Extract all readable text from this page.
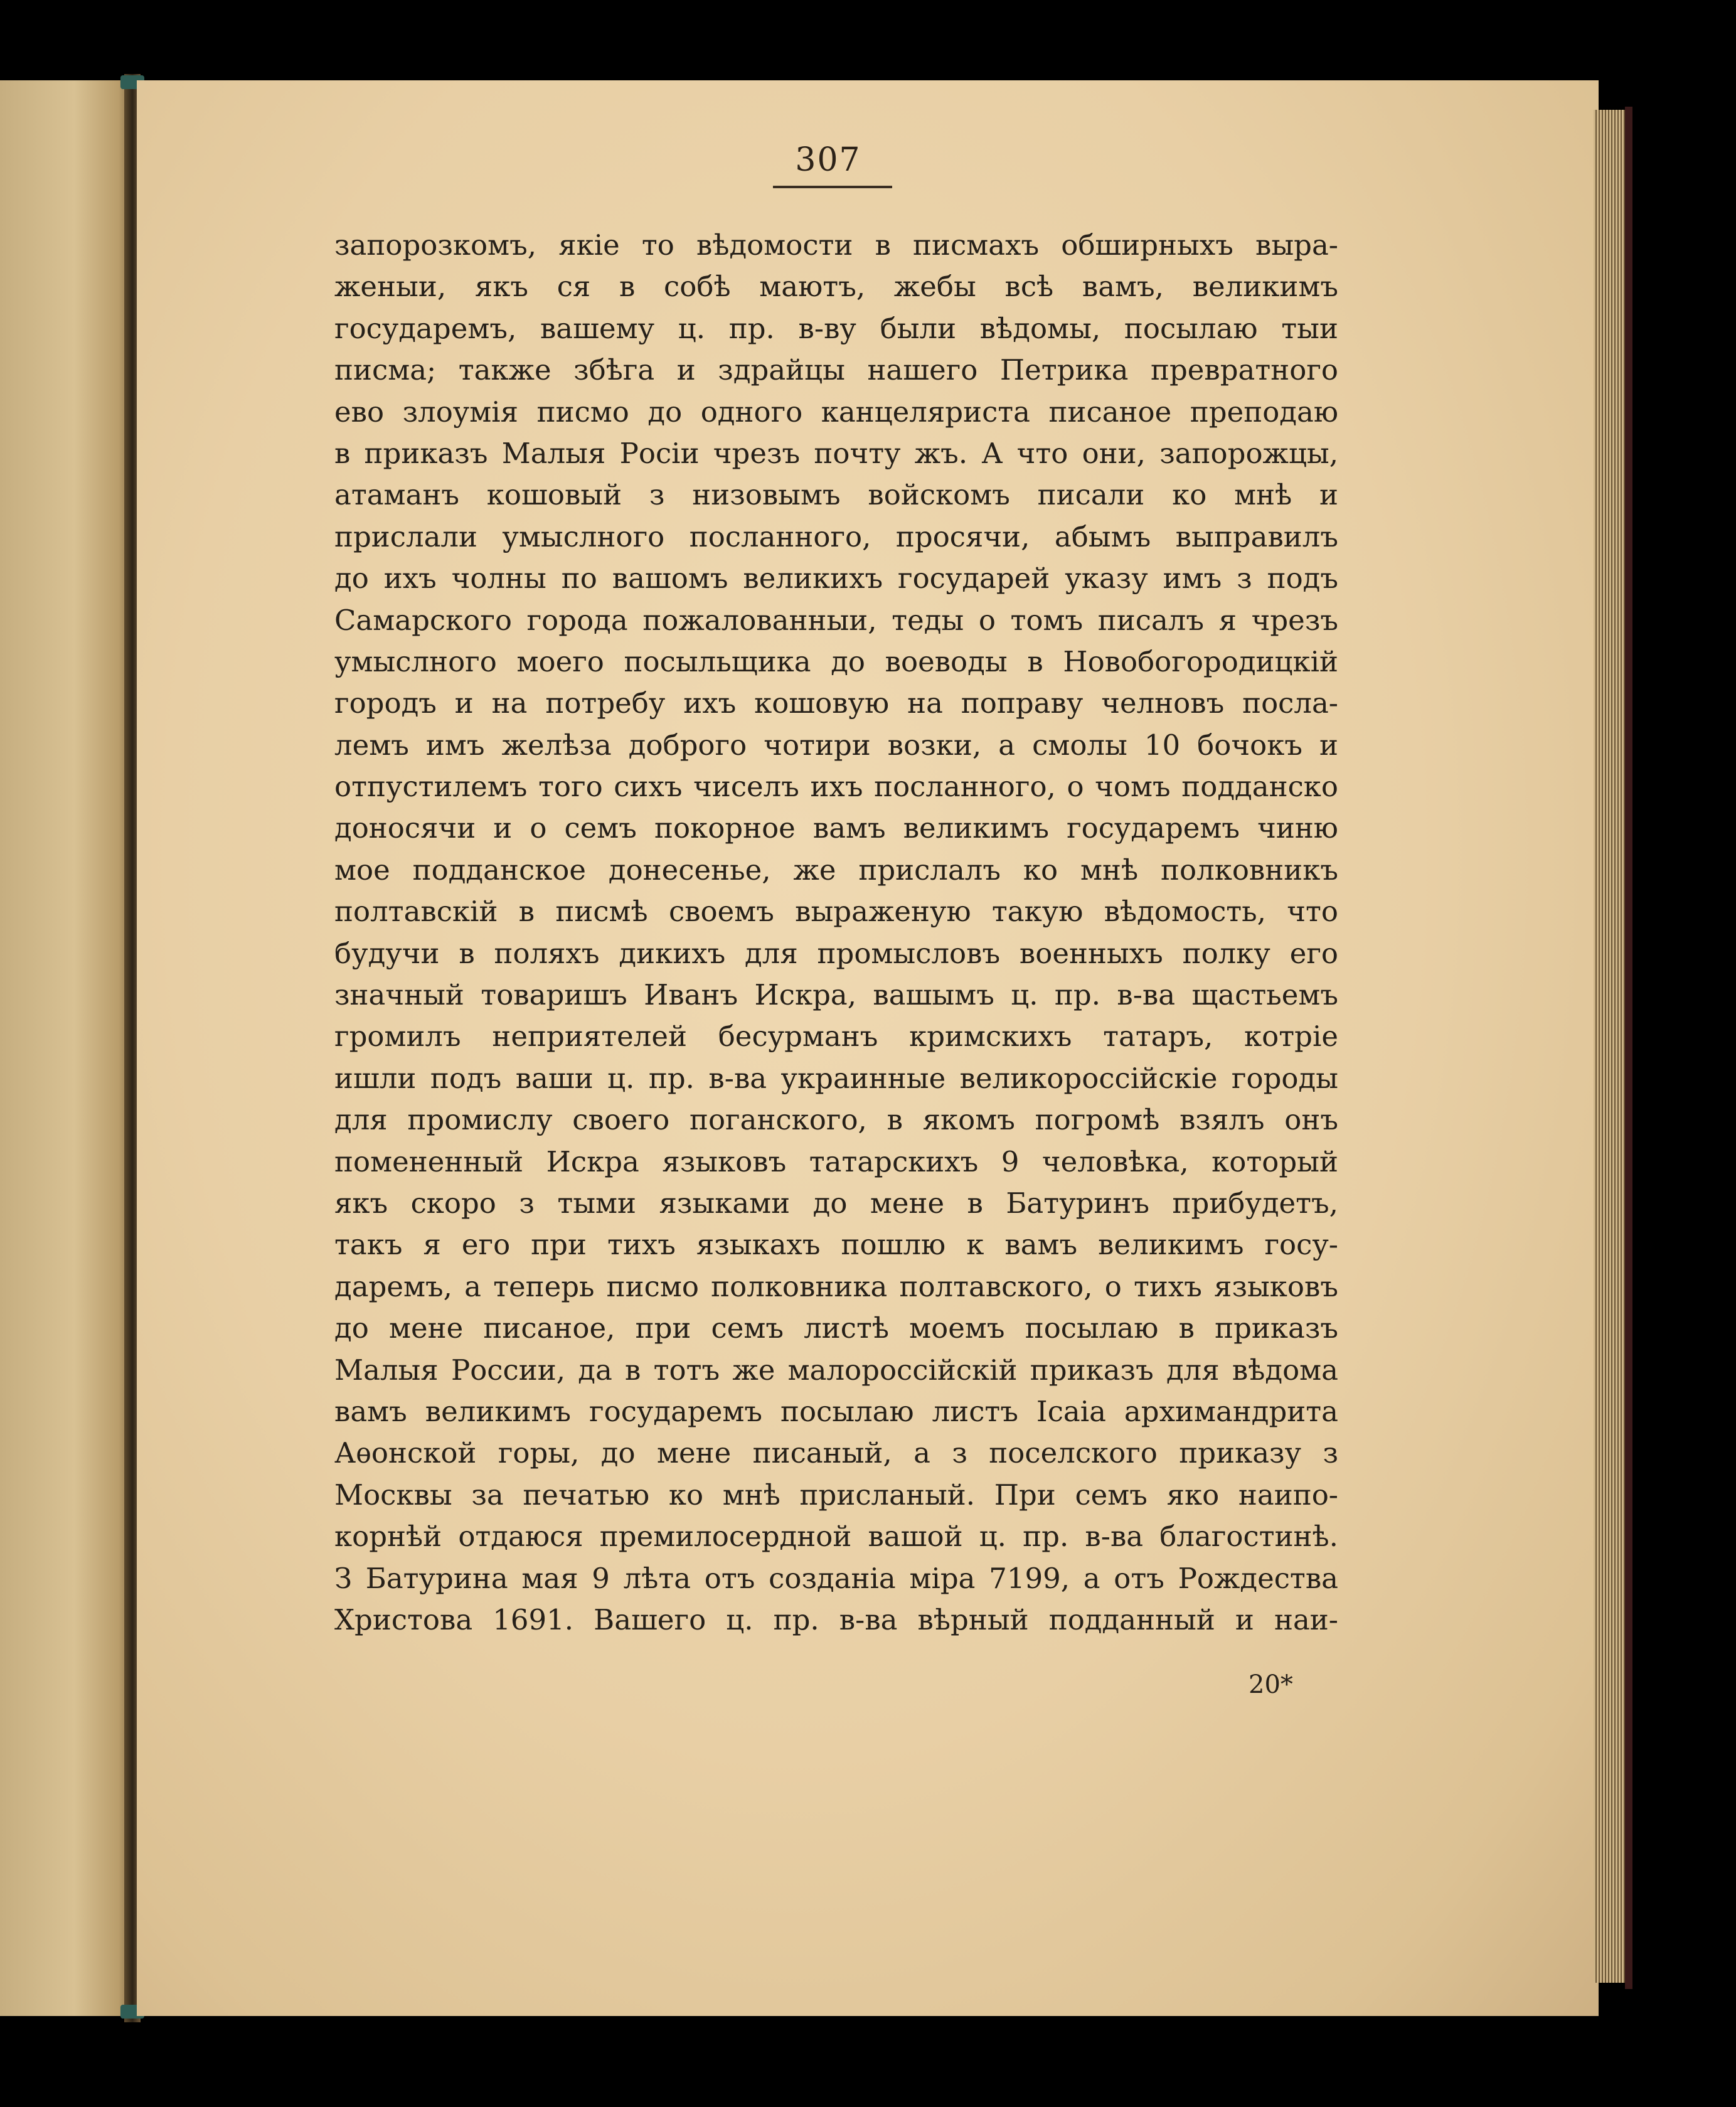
307
запорозкомъ, якіе то вѣдомости в писмахъ обширныхъ выра-
женыи, якъ ся в собѣ маютъ, жебы всѣ вамъ, великимъ
государемъ, вашему ц. пр. в-ву были вѣдомы, посылаю тыи
писма; также збѣга и здрайцы нашего Петрика превратного
ево злоумія писмо до одного канцеляриста писаное преподаю
в приказъ Малыя Росіи чрезъ почту жъ. А что они, запорожцы,
атаманъ кошовый з низовымъ войскомъ писали ко мнѣ и
прислали умыслного посланного, просячи, абымъ выправилъ
до ихъ чолны по вашомъ великихъ государей указу имъ з подъ
Самарского города пожалованныи, теды о томъ писалъ я чрезъ
умыслного моего посыльщика до воеводы в Новобогородицкій
городъ и на потребу ихъ кошовую на поправу челновъ посла-
лемъ имъ желѣза доброго чотири возки, а смолы 10 бочокъ и
отпустилемъ того сихъ чиселъ ихъ посланного, о чомъ подданско
доносячи и о семъ покорное вамъ великимъ государемъ чиню
мое подданское донесенье, же прислалъ ко мнѣ полковникъ
полтавскій в писмѣ своемъ выраженую такую вѣдомость, что
будучи в поляхъ дикихъ для промысловъ военныхъ полку его
значный товаришъ Иванъ Искра, вашымъ ц. пр. в-ва щастьемъ
громилъ неприятелей бесурманъ кримскихъ татаръ, котріе
ишли подъ ваши ц. пр. в-ва украинные великороссійскіе городы
для промислу своего поганского, в якомъ погромѣ взялъ онъ
помененный Искра языковъ татарскихъ 9 человѣка, который
якъ скоро з тыми языками до мене в Батуринъ прибудетъ,
такъ я его при тихъ языкахъ пошлю к вамъ великимъ госу-
даремъ, а теперь писмо полковника полтавского, о тихъ языковъ
до мене писаное, при семъ листѣ моемъ посылаю в приказъ
Малыя России, да в тотъ же малороссійскій приказъ для вѣдома
вамъ великимъ государемъ посылаю листъ Ісаіа архимандрита
Аѳонской горы, до мене писаный, а з поселского приказу з
Москвы за печатью ко мнѣ присланый. При семъ яко наипо-
корнѣй отдаюся премилосердной вашой ц. пр. в-ва благостинѣ.
З Батурина мая 9 лѣта отъ созданіа міра 7199, а отъ Рождества
Христова 1691. Вашего ц. пр. в-ва вѣрный подданный и наи-
20*
